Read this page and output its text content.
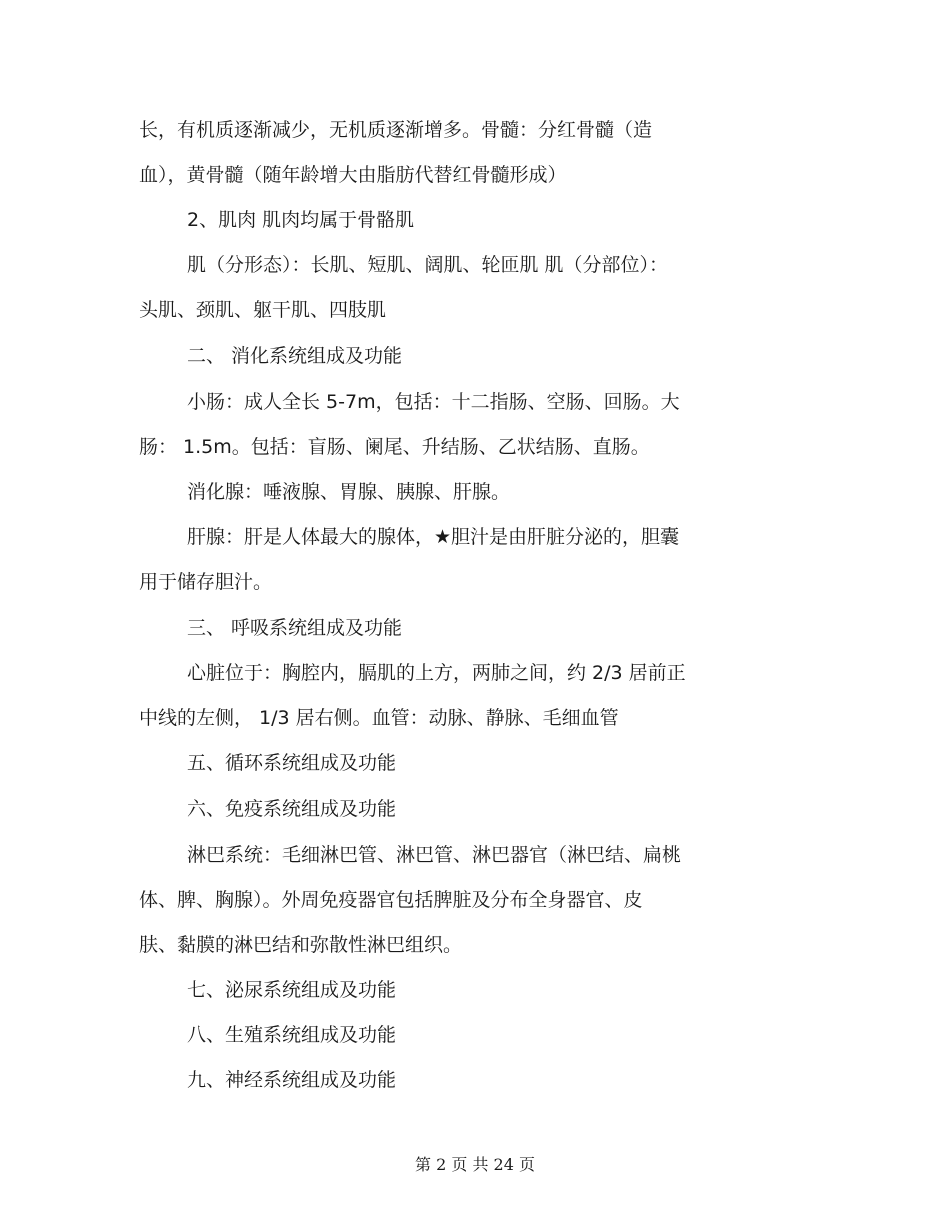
长，有机质逐渐减少，无机质逐渐增多。骨髓：分红骨髓（造
血），黄骨髓（随年龄增大由脂肪代替红骨髓形成）
2、肌肉 肌肉均属于骨骼肌
肌（分形态）：长肌、短肌、阔肌、轮匝肌 肌（分部位）：
头肌、颈肌、躯干肌、四肢肌
二、 消化系统组成及功能
小肠：成人全长 5-7m，包括：十二指肠、空肠、回肠。大
肠： 1.5m。包括：盲肠、阑尾、升结肠、乙状结肠、直肠。
消化腺：唾液腺、胃腺、胰腺、肝腺。
肝腺：肝是人体最大的腺体，★胆汁是由肝脏分泌的，胆囊
用于储存胆汁。
三、 呼吸系统组成及功能
心脏位于：胸腔内，膈肌的上方，两肺之间，约 2/3 居前正
中线的左侧， 1/3 居右侧。血管：动脉、静脉、毛细血管
五、循环系统组成及功能
六、免疫系统组成及功能
淋巴系统：毛细淋巴管、淋巴管、淋巴器官（淋巴结、扁桃
体、脾、胸腺）。外周免疫器官包括脾脏及分布全身器官、皮
肤、黏膜的淋巴结和弥散性淋巴组织。
七、泌尿系统组成及功能
八、生殖系统组成及功能
九、神经系统组成及功能
第 2 页 共 24 页
